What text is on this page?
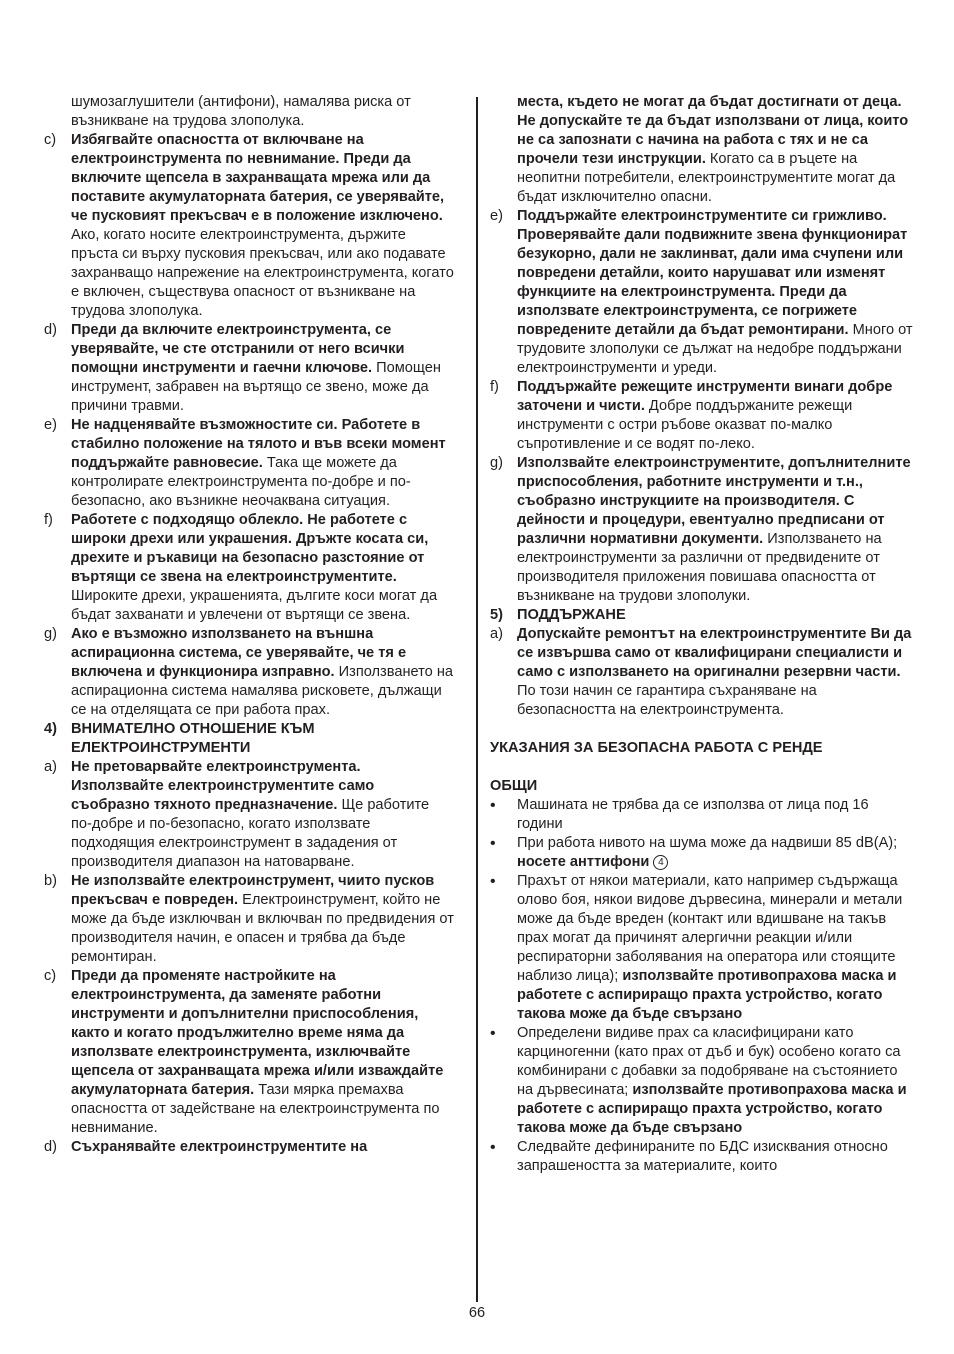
шумозаглушители (антифони), намалява риска от възникване на трудова злополука.
c)	Избягвайте опасността от включване на електроинструмента по невнимание. Преди да включите щепсела в захранващата мрежа или да поставите акумулаторната батерия, се уверявайте, че пусковият прекъсвач е в положение изключено. Ако, когато носите електроинструмента, държите пръста си върху пусковия прекъсвач, или ако подавате захранващо напрежение на електроинструмента, когато е включен, съществува опасност от възникване на трудова злополука.
d) Преди да включите електроинструмента, се уверявайте, че сте отстранили от него всички помощни инструменти и гаечни ключове. Помощен инструмент, забравен на въртящо се звено, може да причини травми.
e) Не надценявайте възможностите си. Работете в стабилно положение на тялото и във всеки момент поддържайте равновесие. Така ще можете да контролирате електроинструмента по-добре и по-безопасно, ако възникне неочаквана ситуация.
f)	Работете с подходящо облекло. Не работете с широки дрехи или украшения. Дръжте косата си, дрехите и ръкавици на безопасно разстояние от въртящи се звена на електроинструментите. Широките дрехи, украшенията, дългите коси могат да бъдат захванати и увлечени от въртящи се звена.
g) Ако е възможно използването на външна аспирационна система, се уверявайте, че тя е включена и функционира изправно. Използването на аспирационна система намалява рисковете, дължащи се на отделящата се при работа прах.
4) ВНИМАТЕЛНО ОТНОШЕНИЕ КЪМ ЕЛЕКТРОИНСТРУМЕНТИ
a) Не претоварвайте електроинструмента. Използвайте електроинструментите само съобразно тяхното предназначение. Ще работите по-добре и по-безопасно, когато използвате подходящия електроинструмент в зададения от производителя диапазон на натоварване.
b) Не използвайте електроинструмент, чиито пусков прекъсвач е повреден. Електроинструмент, който не може да бъде изключван и включван по предвидения от производителя начин, е опасен и трябва да бъде ремонтиран.
c)	Преди да променяте настройките на електроинструмента, да заменяте работни инструменти и допълнителни приспособления, както и когато продължително време няма да използвате електроинструмента, изключвайте щепсела от захранващата мрежа и/или изваждайте акумулаторната батерия. Тази мярка премахва опасността от задействане на електроинструмента по невнимание.
d) Съхранявайте електроинструментите на
места, където не могат да бъдат достигнати от деца. Не допускайте те да бъдат използвани от лица, които не са запознати с начина на работа с тях и не са прочели тези инструкции. Когато са в ръцете на неопитни потребители, електроинструментите могат да бъдат изключително опасни.
e) Поддържайте електроинструментите си грижливо. Проверявайте дали подвижните звена функционират безукорно, дали не заклинват, дали има счупени или повредени детайли, които нарушават или изменят функциите на електроинструмента. Преди да използвате електроинструмента, се погрижете повредените детайли да бъдат ремонтирани. Много от трудовите злополуки се дължат на недобре поддържани електроинструменти и уреди.
f)	Поддържайте режещите инструменти винаги добре заточени и чисти. Добре поддържаните режещи инструменти с остри ръбове оказват по-малко съпротивление и се водят по-леко.
g) Използвайте електроинструментите, допълнителните приспособления, работните инструменти и т.н., съобразно инструкциите на производителя. С дейности и процедури, евентуално предписани от различни нормативни документи. Използването на електроинструменти за различни от предвидените от производителя приложения повишава опасността от възникване на трудови злополуки.
5) ПОДДЪРЖАНЕ
a) Допускайте ремонтът на електроинструментите Ви да се извършва само от квалифицирани специалисти и само с използването на оригинални резервни части. По този начин се гарантира съхраняване на безопасността на електроинструмента.
УКАЗАНИЯ ЗА БЕЗОПАСНА РАБОТА С РЕНДЕ
ОБЩИ
•	Машината не трябва да се използва от лица под 16 години
•	При работа нивото на шума може да надвиши 85 dB(A); носете анттифони 4
•	Прахът от някои материали, като например съдържаща олово боя, някои видове дървесина, минерали и метали може да бъде вреден (контакт или вдишване на такъв прах могат да причинят алергични реакции и/или респираторни заболявания на оператора или стоящите наблизо лица); използвайте противопрахова маска и работете с аспириращо прахта устройство, когато такова може да бъде свързано
•	Определени видиве прах са класифицирани като карциногенни (като прах от дъб и бук) особено когато са комбинирани с добавки за подобряване на състоянието на дървесината; използвайте противопрахова маска и работете с аспириращо прахта устройство, когато такова може да бъде свързано
•	Следвайте дефинираните по БДС изисквания относно запрашеността за материалите, които
66
